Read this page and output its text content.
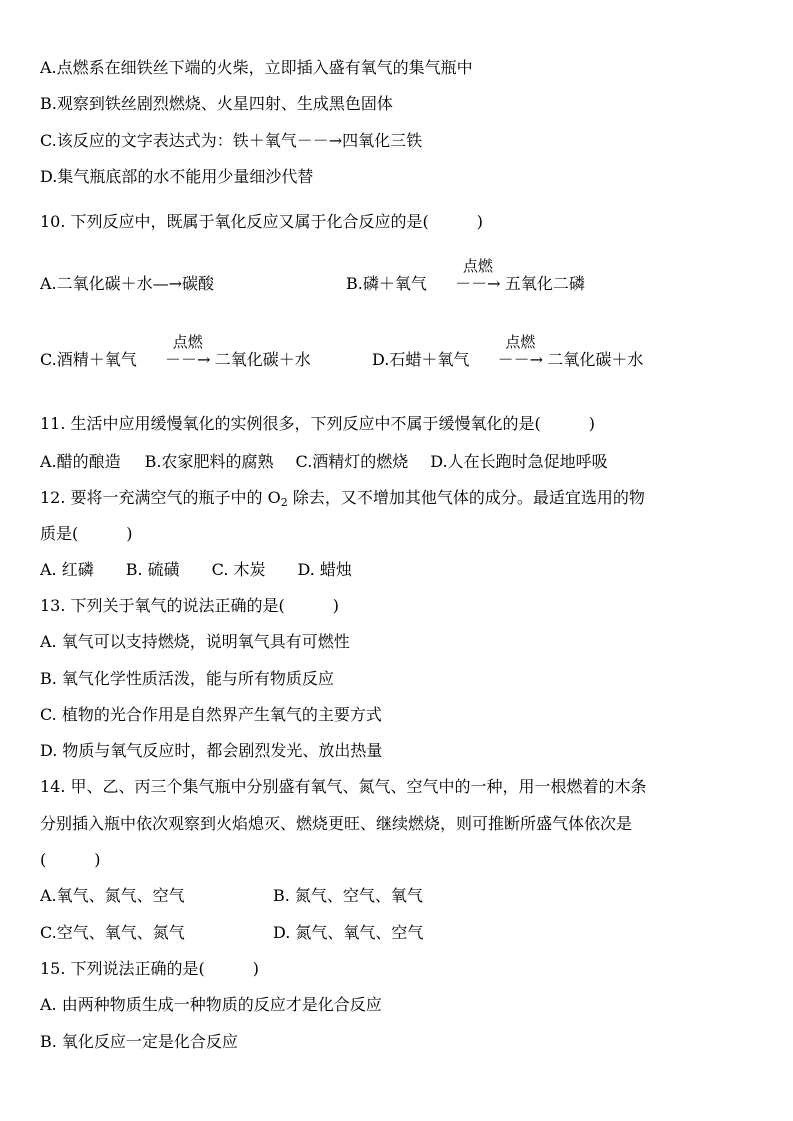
A.点燃系在细铁丝下端的火柴，立即插入盛有氧气的集气瓶中
B.观察到铁丝剧烈燃烧、火星四射、生成黑色固体
C.该反应的文字表达式为：铁＋氧气－－→四氧化三铁
D.集气瓶底部的水不能用少量细沙代替
10. 下列反应中，既属于氧化反应又属于化合反应的是(　　　)
A.二氧化碳＋水—→碳酸	B.磷＋氧气
点燃
－－→ 五氧化二磷
C.酒精＋氧气
点燃
－－→ 二氧化碳＋水	D.石蜡＋氧气
点燃
－－→ 二氧化碳＋水
11. 生活中应用缓慢氧化的实例很多，下列反应中不属于缓慢氧化的是(　　　)
A.醋的酿造 B.农家肥料的腐熟 C.酒精灯的燃烧 D.人在长跑时急促地呼吸
12. 要将一充满空气的瓶子中的 $O_2$ 除去，又不增加其他气体的成分。最适宜选用的物
质是(　　　)
A. 红磷　　B. 硫磺　　C. 木炭　　D. 蜡烛
13. 下列关于氧气的说法正确的是(　　　)
A. 氧气可以支持燃烧，说明氧气具有可燃性
B. 氧气化学性质活泼，能与所有物质反应
C. 植物的光合作用是自然界产生氧气的主要方式
D. 物质与氧气反应时，都会剧烈发光、放出热量
14. 甲、乙、丙三个集气瓶中分别盛有氧气、氮气、空气中的一种，用一根燃着的木条
分别插入瓶中依次观察到火焰熄灭、燃烧更旺、继续燃烧，则可推断所盛气体依次是
(　　　)
A.氧气、氮气、空气	B. 氮气、空气、氧气
C.空气、氧气、氮气	D. 氮气、氧气、空气
15. 下列说法正确的是(　　　)
A. 由两种物质生成一种物质的反应才是化合反应
B. 氧化反应一定是化合反应
